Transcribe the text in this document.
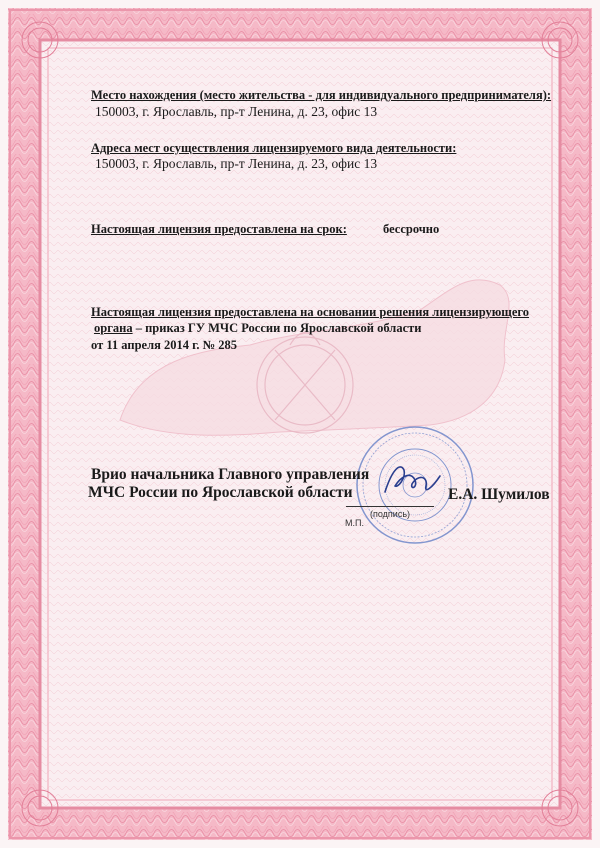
Место нахождения (место жительства - для индивидуального предпринимателя):
150003, г. Ярославль, пр-т Ленина, д. 23, офис 13
Адреса мест осуществления лицензируемого вида деятельности:
150003, г. Ярославль, пр-т Ленина, д. 23, офис 13
Настоящая лицензия предоставлена на срок:	бессрочно
Настоящая лицензия предоставлена на основании решения лицензирующего
органа – приказ ГУ МЧС России по Ярославской области
от 11 апреля 2014 г. № 285
Врио начальника Главного управления
МЧС России по Ярославской области	Е.А. Шумилов
(подпись)
М.П.
